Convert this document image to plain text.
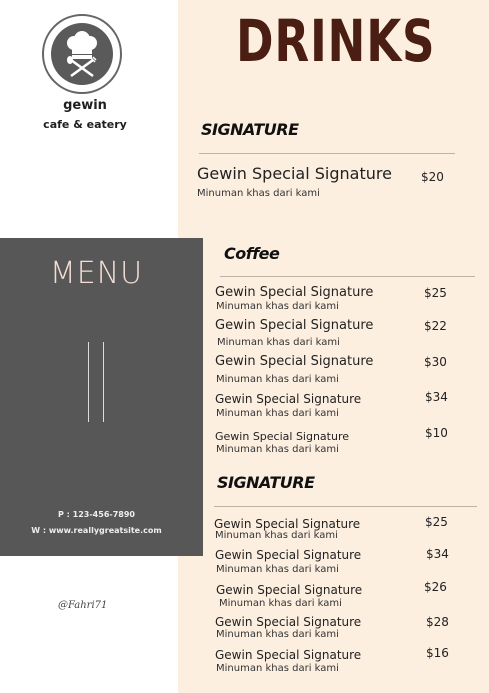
gewin
cafe & eatery
DRINKS
MENU
P : 123-456-7890
W : www.reallygreatsite.com
@Fahri71
SIGNATURE
Gewin Special Signature
Minuman khas dari kami
$20
Coffee
Gewin Special Signature
Minuman khas dari kami
$25
Gewin Special Signature
Minuman khas dari kami
$22
Gewin Special Signature
Minuman khas dari kami
$30
Gewin Special Signature
Minuman khas dari kami
$34
Gewin Special Signature
Minuman khas dari kami
$10
SIGNATURE
Gewin Special Signature
Minuman khas dari kami
$25
Gewin Special Signature
Minuman khas dari kami
$34
Gewin Special Signature
Minuman khas dari kami
$26
Gewin Special Signature
Minuman khas dari kami
$28
Gewin Special Signature
Minuman khas dari kami
$16
